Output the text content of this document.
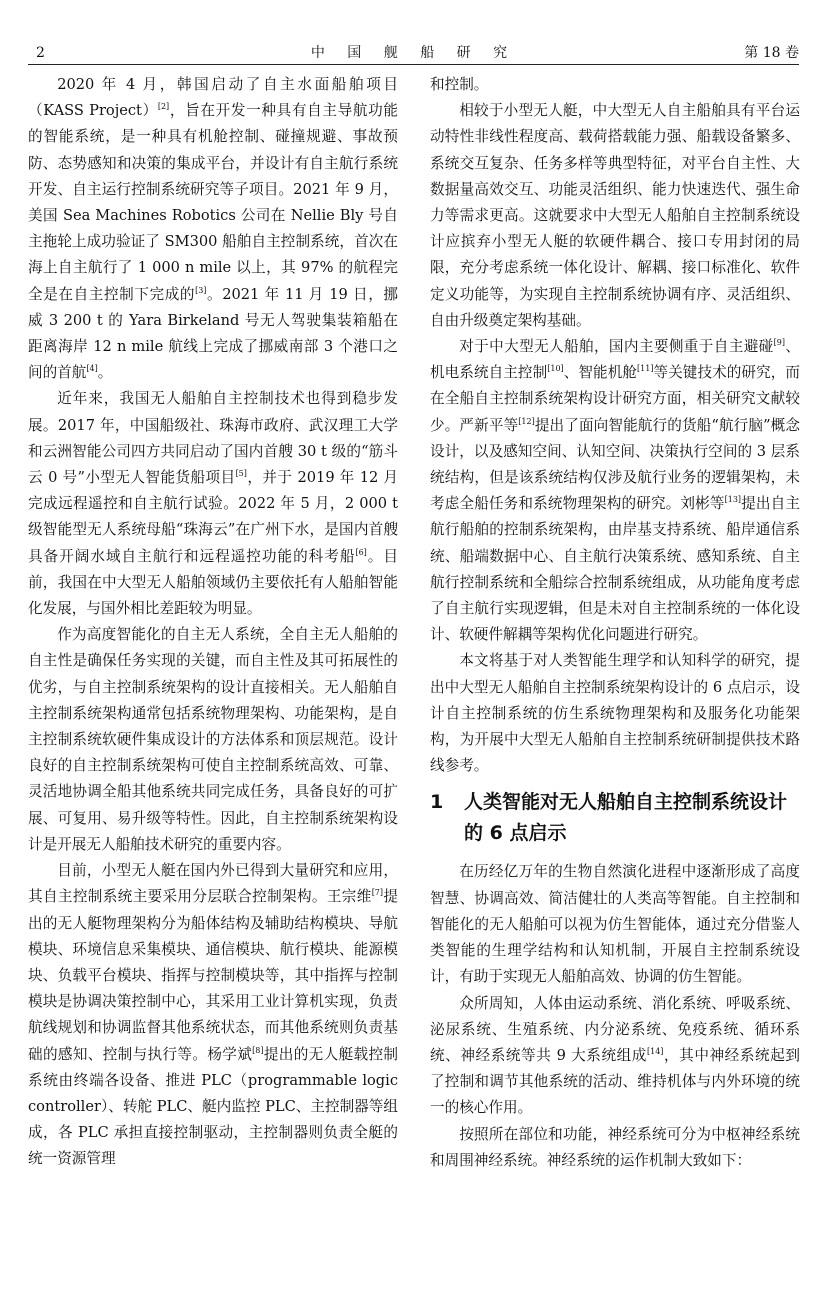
2	中 国 舰 船 研 究	第 18 卷

2020 年 4 月，韩国启动了自主水面船舶项目（KASS Project）[2]，旨在开发一种具有自主导航功能的智能系统，是一种具有机舱控制、碰撞规避、事故预防、态势感知和决策的集成平台，并设计有自主航行系统开发、自主运行控制系统研究等子项目。2021 年 9 月，美国 Sea Machines Robotics 公司在 Nellie Bly 号自主拖轮上成功验证了 SM300 船舶自主控制系统，首次在海上自主航行了 1 000 n mile 以上，其 97% 的航程完全是在自主控制下完成的[3]。2021 年 11 月 19 日，挪威 3 200 t 的 Yara Birkeland 号无人驾驶集装箱船在距离海岸 12 n mile 航线上完成了挪威南部 3 个港口之间的首航[4]。

近年来，我国无人船舶自主控制技术也得到稳步发展。2017 年，中国船级社、珠海市政府、武汉理工大学和云洲智能公司四方共同启动了国内首艘 30 t 级的“筋斗云 0 号”小型无人智能货船项目[5]，并于 2019 年 12 月完成远程遥控和自主航行试验。2022 年 5 月，2 000 t 级智能型无人系统母船“珠海云”在广州下水，是国内首艘具备开阔水域自主航行和远程遥控功能的科考船[6]。目前，我国在中大型无人船舶领域仍主要依托有人船舶智能化发展，与国外相比差距较为明显。

作为高度智能化的自主无人系统，全自主无人船舶的自主性是确保任务实现的关键，而自主性及其可拓展性的优劣，与自主控制系统架构的设计直接相关。无人船舶自主控制系统架构通常包括系统物理架构、功能架构，是自主控制系统软硬件集成设计的方法体系和顶层规范。设计良好的自主控制系统架构可使自主控制系统高效、可靠、灵活地协调全船其他系统共同完成任务，具备良好的可扩展、可复用、易升级等特性。因此，自主控制系统架构设计是开展无人船舶技术研究的重要内容。

目前，小型无人艇在国内外已得到大量研究和应用，其自主控制系统主要采用分层联合控制架构。王宗维[7]提出的无人艇物理架构分为船体结构及辅助结构模块、导航模块、环境信息采集模块、通信模块、航行模块、能源模块、负载平台模块、指挥与控制模块等，其中指挥与控制模块是协调决策控制中心，其采用工业计算机实现，负责航线规划和协调监督其他系统状态，而其他系统则负责基础的感知、控制与执行等。杨学斌[8]提出的无人艇载控制系统由终端各设备、推进 PLC（programmable logic controller）、转舵 PLC、艇内监控 PLC、主控制器等组成，各 PLC 承担直接控制驱动，主控制器则负责全艇的统一资源管理

和控制。

相较于小型无人艇，中大型无人自主船舶具有平台运动特性非线性程度高、载荷搭载能力强、船载设备繁多、系统交互复杂、任务多样等典型特征，对平台自主性、大数据量高效交互、功能灵活组织、能力快速迭代、强生命力等需求更高。这就要求中大型无人船舶自主控制系统设计应摈弃小型无人艇的软硬件耦合、接口专用封闭的局限，充分考虑系统一体化设计、解耦、接口标准化、软件定义功能等，为实现自主控制系统协调有序、灵活组织、自由升级奠定架构基础。

对于中大型无人船舶，国内主要侧重于自主避碰[9]、机电系统自主控制[10]、智能机舱[11]等关键技术的研究，而在全船自主控制系统架构设计研究方面，相关研究文献较少。严新平等[12]提出了面向智能航行的货船“航行脑”概念设计，以及感知空间、认知空间、决策执行空间的 3 层系统结构，但是该系统结构仅涉及航行业务的逻辑架构，未考虑全船任务和系统物理架构的研究。刘彬等[13]提出自主航行船舶的控制系统架构，由岸基支持系统、船岸通信系统、船端数据中心、自主航行决策系统、感知系统、自主航行控制系统和全船综合控制系统组成，从功能角度考虑了自主航行实现逻辑，但是未对自主控制系统的一体化设计、软硬件解耦等架构优化问题进行研究。

本文将基于对人类智能生理学和认知科学的研究，提出中大型无人船舶自主控制系统架构设计的 6 点启示，设计自主控制系统的仿生系统物理架构和及服务化功能架构，为开展中大型无人船舶自主控制系统研制提供技术路线参考。

1	人类智能对无人船舶自主控制系统设计的 6 点启示

在历经亿万年的生物自然演化进程中逐渐形成了高度智慧、协调高效、简洁健壮的人类高等智能。自主控制和智能化的无人船舶可以视为仿生智能体，通过充分借鉴人类智能的生理学结构和认知机制，开展自主控制系统设计，有助于实现无人船舶高效、协调的仿生智能。

众所周知，人体由运动系统、消化系统、呼吸系统、泌尿系统、生殖系统、内分泌系统、免疫系统、循环系统、神经系统等共 9 大系统组成[14]，其中神经系统起到了控制和调节其他系统的活动、维持机体与内外环境的统一的核心作用。

按照所在部位和功能，神经系统可分为中枢神经系统和周围神经系统。神经系统的运作机制大致如下：
